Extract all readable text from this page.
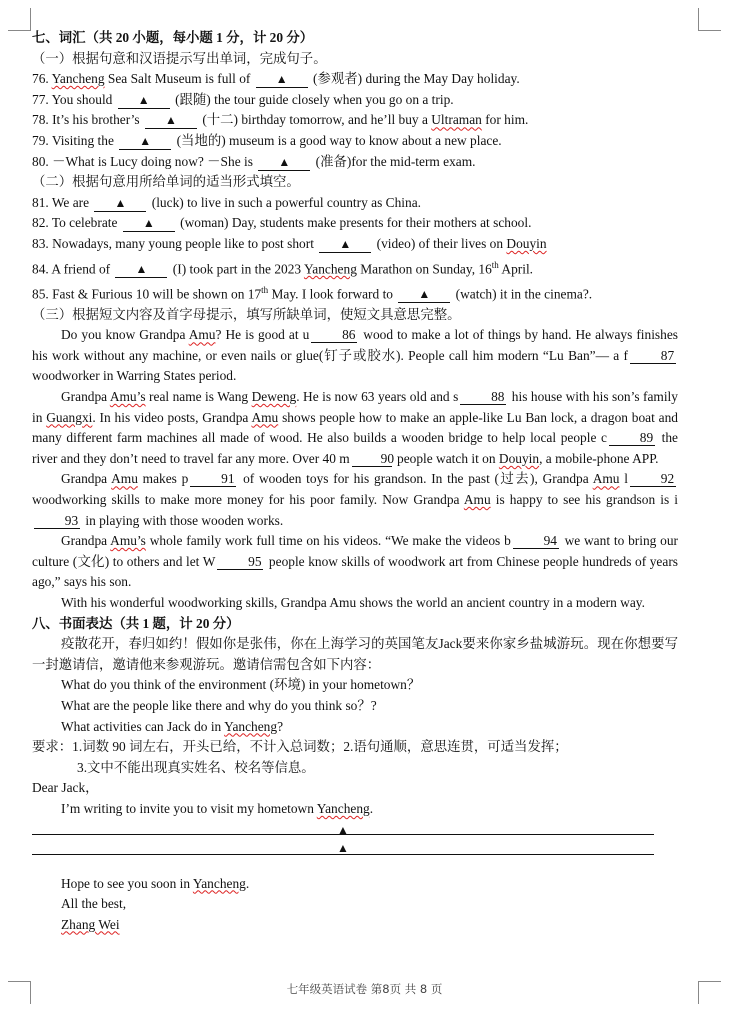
七、词汇（共 20 小题，每小题 1 分，计 20 分）
（一）根据句意和汉语提示写出单词，完成句子。
76. Yancheng Sea Salt Museum is full of ▲ (参观者) during the May Day holiday.
77. You should ▲ (跟随) the tour guide closely when you go on a trip.
78. It’s his brother’s ▲ (十二) birthday tomorrow, and he’ll buy a Ultraman for him.
79. Visiting the ▲ (当地的) museum is a good way to know about a new place.
80. －What is Lucy doing now? －She is ▲ (准备)for the mid-term exam.
（二）根据句意用所给单词的适当形式填空。
81. We are ▲ (luck) to live in such a powerful country as China.
82. To celebrate ▲ (woman) Day, students make presents for their mothers at school.
83. Nowadays, many young people like to post short ▲ (video) of their lives on Douyin
84. A friend of ▲ (I) took part in the 2023 Yancheng Marathon on Sunday, 16th April.
85. Fast & Furious 10 will be shown on 17th May. I look forward to ▲ (watch) it in the cinema?.
（三）根据短文内容及首字母提示，填写所缺单词，使短文具意思完整。
Do you know Grandpa Amu? He is good at u 86 wood to make a lot of things by hand. He always finishes his work without any machine, or even nails or glue(钉子或胶水). People call him modern “Lu Ban”— a f 87 woodworker in Warring States period.
Grandpa Amu’s real name is Wang Deweng. He is now 63 years old and s 88 his house with his son’s family in Guangxi. In his video posts, Grandpa Amu shows people how to make an apple-like Lu Ban lock, a dragon boat and many different farm machines all made of wood. He also builds a wooden bridge to help local people c 89 the river and they don’t need to travel far any more. Over 40 m 90 people watch it on Douyin, a mobile-phone APP.
Grandpa Amu makes p 91 of wooden toys for his grandson. In the past (过去), Grandpa Amu l 92 woodworking skills to make more money for his poor family. Now Grandpa Amu is happy to see his grandson is i93 in playing with those wooden works.
Grandpa Amu’s whole family work full time on his videos. “We make the videos b 94 we want to bring our culture (文化) to others and let W 95 people know skills of woodwork art from Chinese people hundreds of years ago,” says his son.
With his wonderful woodworking skills, Grandpa Amu shows the world an ancient country in a modern way.
八、书面表达（共 1 题，计 20 分）
疫散花开，春归如约！假如你是张伟，你在上海学习的英国笔友Jack要来你家乡盐城游玩。现在你想要写一封邀请信，邀请他来参观游玩。邀请信需包含如下内容：
What do you think of the environment (环境) in your hometown？
What are the people like there and why do you think so？?
What activities can Jack do in Yancheng?
要求：1.词数 90 词左右，开头已给，不计入总词数；2.语句通顺，意思连贯，可适当发挥；
3.文中不能出现真实姓名、校名等信息。
Dear Jack，
I’m writing to invite you to visit my hometown Yancheng.
▲
▲
Hope to see you soon in Yancheng.
All the best,
Zhang Wei
七年级英语试卷 第8页 共 8 页
